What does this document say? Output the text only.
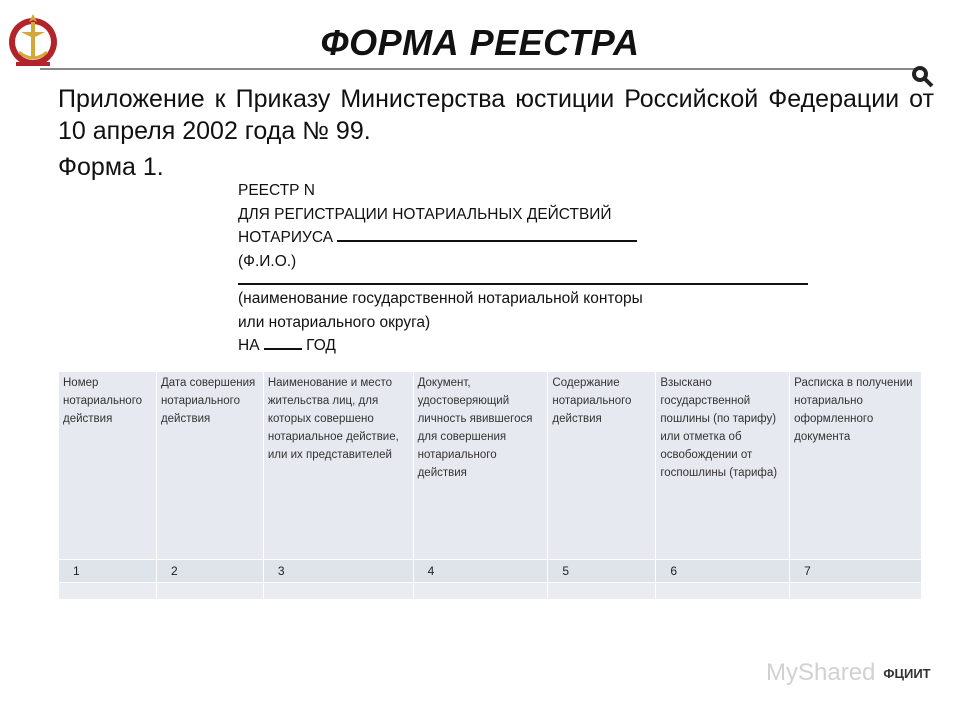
ФОРМА РЕЕСТРА
Приложение к Приказу Министерства юстиции Российской Федерации от 10 апреля 2002 года № 99.
Форма 1.
РЕЕСТР N
ДЛЯ РЕГИСТРАЦИИ НОТАРИАЛЬНЫХ ДЕЙСТВИЙ
НОТАРИУСА
(Ф.И.О.)
(наименование государственной нотариальной конторы
или нотариального округа)
НА	ГОД
Номер нотариального действия	Дата совершения нотариального действия	Наименование и место жительства лиц, для которых совершено нотариальное действие, или их представителей	Документ, удостоверяющий личность явившегося для совершения нотариального действия	Содержание нотариального действия	Взыскано государственной пошлины (по тарифу) или отметка об освобождении от госпошлины (тарифа)	Расписка в получении нотариально оформленного документа
1	2	3	4	5	6	7

MyShared ФЦИИТ
